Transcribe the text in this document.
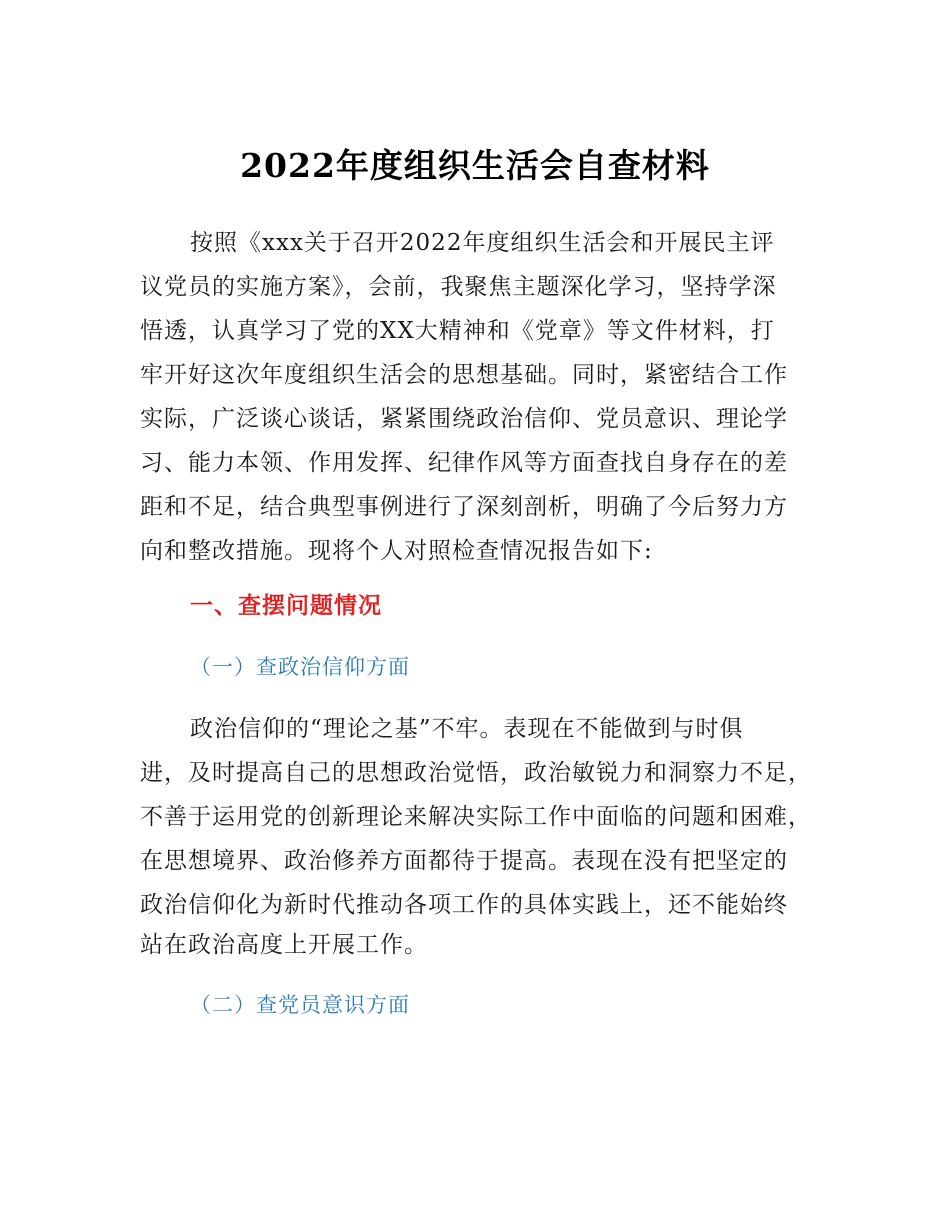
2022年度组织生活会自查材料
按照《xxx关于召开2022年度组织生活会和开展民主评
议党员的实施方案》，会前，我聚焦主题深化学习，坚持学深
悟透，认真学习了党的XX大精神和《党章》等文件材料，打
牢开好这次年度组织生活会的思想基础。同时，紧密结合工作
实际，广泛谈心谈话，紧紧围绕政治信仰、党员意识、理论学
习、能力本领、作用发挥、纪律作风等方面查找自身存在的差
距和不足，结合典型事例进行了深刻剖析，明确了今后努力方
向和整改措施。现将个人对照检查情况报告如下:
一、查摆问题情况
（一）查政治信仰方面
政治信仰的“理论之基”不牢。表现在不能做到与时俱
进，及时提高自己的思想政治觉悟，政治敏锐力和洞察力不足，
不善于运用党的创新理论来解决实际工作中面临的问题和困难，
在思想境界、政治修养方面都待于提高。表现在没有把坚定的
政治信仰化为新时代推动各项工作的具体实践上，还不能始终
站在政治高度上开展工作。
（二）查党员意识方面
